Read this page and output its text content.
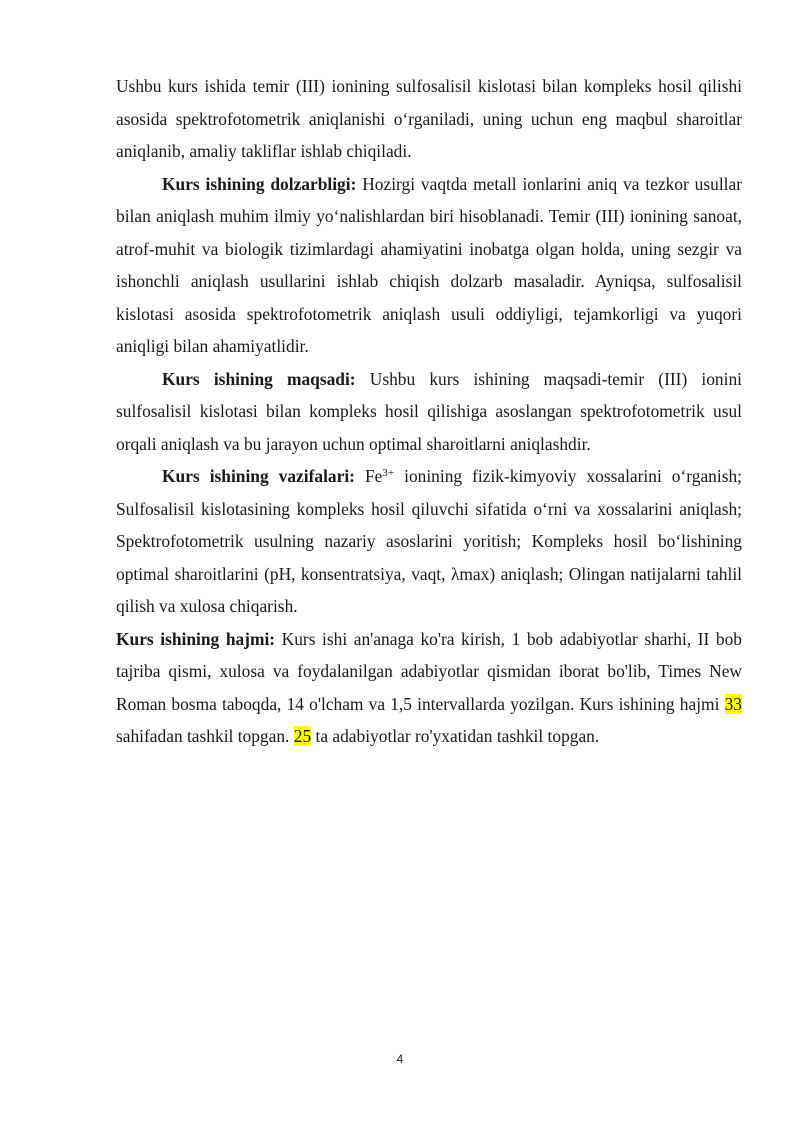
Ushbu kurs ishida temir (III) ionining sulfosalisil kislotasi bilan kompleks hosil qilishi asosida spektrofotometrik aniqlanishi o‘rganiladi, uning uchun eng maqbul sharoitlar aniqlanib, amaliy takliflar ishlab chiqiladi.

Kurs ishining dolzarbligi: Hozirgi vaqtda metall ionlarini aniq va tezkor usullar bilan aniqlash muhim ilmiy yo‘nalishlardan biri hisoblanadi. Temir (III) ionining sanoat, atrof-muhit va biologik tizimlardagi ahamiyatini inobatga olgan holda, uning sezgir va ishonchli aniqlash usullarini ishlab chiqish dolzarb masaladir. Ayniqsa, sulfosalisil kislotasi asosida spektrofotometrik aniqlash usuli oddiyligi, tejamkorligi va yuqori aniqligi bilan ahamiyatlidir.

Kurs ishining maqsadi: Ushbu kurs ishining maqsadi-temir (III) ionini sulfosalisil kislotasi bilan kompleks hosil qilishiga asoslangan spektrofotometrik usul orqali aniqlash va bu jarayon uchun optimal sharoitlarni aniqlashdir.

Kurs ishining vazifalari: $Fe^{3+}$ ionining fizik-kimyoviy xossalarini o‘rganish; Sulfosalisil kislotasining kompleks hosil qiluvchi sifatida o‘rni va xossalarini aniqlash; Spektrofotometrik usulning nazariy asoslarini yoritish; Kompleks hosil bo‘lishining optimal sharoitlarini (pH, konsentratsiya, vaqt, λmax) aniqlash; Olingan natijalarni tahlil qilish va xulosa chiqarish.

Kurs ishining hajmi: Kurs ishi an'anaga ko'ra kirish, 1 bob adabiyotlar sharhi, II bob tajriba qismi, xulosa va foydalanilgan adabiyotlar qismidan iborat bo'lib, Times New Roman bosma taboqda, 14 o'lcham va 1,5 intervallarda yozilgan. Kurs ishining hajmi 33 sahifadan tashkil topgan. 25 ta adabiyotlar ro'yxatidan tashkil topgan.

4
